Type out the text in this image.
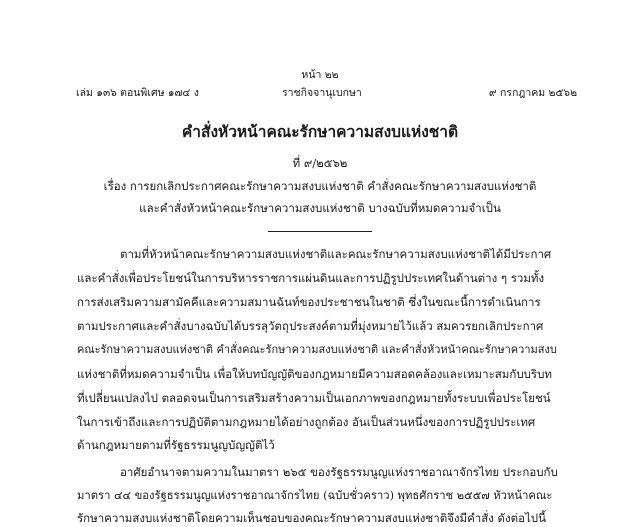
หน้า ๒๒
เล่ม ๑๓๖ ตอนพิเศษ ๑๗๔ ง	ราชกิจจานุเบกษา	๙ กรกฎาคม ๒๕๖๒
คำสั่งหัวหน้าคณะรักษาความสงบแห่งชาติ
ที่ ๙/๒๕๖๒
เรื่อง การยกเลิกประกาศคณะรักษาความสงบแห่งชาติ คำสั่งคณะรักษาความสงบแห่งชาติ
และคำสั่งหัวหน้าคณะรักษาความสงบแห่งชาติ บางฉบับที่หมดความจำเป็น
ตามที่หัวหน้าคณะรักษาความสงบแห่งชาติและคณะรักษาความสงบแห่งชาติได้มีประกาศ
และคำสั่งเพื่อประโยชน์ในการบริหารราชการแผ่นดินและการปฏิรูปประเทศในด้านต่าง ๆ รวมทั้ง
การส่งเสริมความสามัคคีและความสมานฉันท์ของประชาชนในชาติ ซึ่งในขณะนี้การดำเนินการ
ตามประกาศและคำสั่งบางฉบับได้บรรลุวัตถุประสงค์ตามที่มุ่งหมายไว้แล้ว สมควรยกเลิกประกาศ
คณะรักษาความสงบแห่งชาติ คำสั่งคณะรักษาความสงบแห่งชาติ และคำสั่งหัวหน้าคณะรักษาความสงบ
แห่งชาติที่หมดความจำเป็น เพื่อให้บทบัญญัติของกฎหมายมีความสอดคล้องและเหมาะสมกับบริบท
ที่เปลี่ยนแปลงไป ตลอดจนเป็นการเสริมสร้างความเป็นเอกภาพของกฎหมายทั้งระบบเพื่อประโยชน์
ในการเข้าถึงและการปฏิบัติตามกฎหมายได้อย่างถูกต้อง อันเป็นส่วนหนึ่งของการปฏิรูปประเทศ
ด้านกฎหมายตามที่รัฐธรรมนูญบัญญัติไว้
อาศัยอำนาจตามความในมาตรา ๒๖๕ ของรัฐธรรมนูญแห่งราชอาณาจักรไทย ประกอบกับ
มาตรา ๔๔ ของรัฐธรรมนูญแห่งราชอาณาจักรไทย (ฉบับชั่วคราว) พุทธศักราช ๒๕๕๗ หัวหน้าคณะ
รักษาความสงบแห่งชาติโดยความเห็นชอบของคณะรักษาความสงบแห่งชาติจึงมีคำสั่ง ดังต่อไปนี้
